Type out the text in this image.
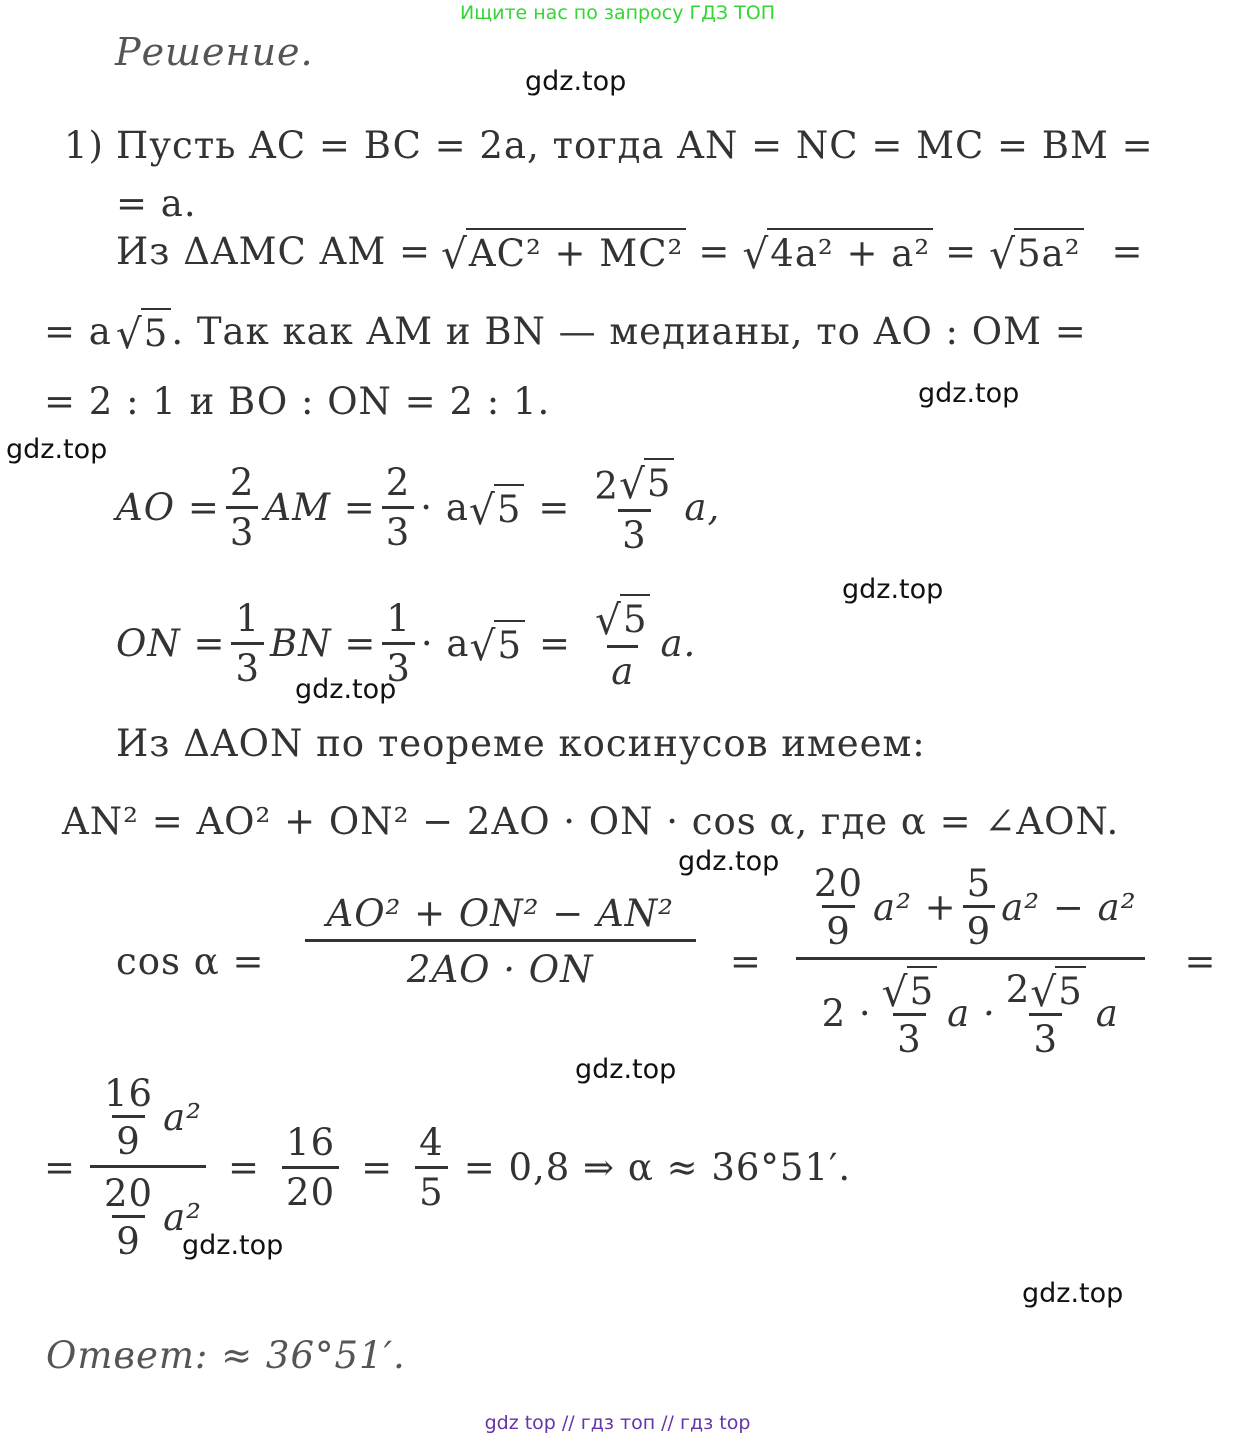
Ищите нас по запросу ГДЗ ТОП
Решение.
gdz.top
gdz.top
gdz.top
gdz.top
gdz.top
gdz.top
gdz.top
gdz.top
gdz.top
1) Пусть AC = BC = 2a, тогда AN = NC = MC = BM =
= a.
Из ΔAMC AM = √ AC² + MC² = √ 4a² + a² = √ 5a² =
= a √ 5 . Так как AM и BN — медианы, то AO : OM =
= 2 : 1 и BO : ON = 2 : 1.
AO = $\frac{2}{3}$ AM = $\frac{2}{3} \cdot a$ √ $5 = \frac{2 √ 5}{3} a$,
ON = $\frac{1}{3}$ BN = $\frac{1}{3} \cdot a$ √ $5 = \frac{√ 5}{a} a$.
Из ΔAON по теореме косинусов имеем:
AN² = AO² + ON² − 2AO · ON · cos α, где α = ∠AON.
$\cos \alpha = \frac{\text{AO² + ON² − AN²}}{2AO \cdot ON} = \frac{\frac{20}{9} a^2 + \frac{5}{9} a^2 - a^2}{2 \cdot \frac{√ 5}{3} a \cdot \frac{2 √ 5}{3} a}$ =
= $\frac{\frac{16}{9} a^2}{\frac{20}{9} a^2} = \frac{16}{20} = \frac{4}{5} = 0,8$ ⇒ α ≈ 36°51′.
Ответ: ≈ 36°51′.
gdz top // гдз топ // гдз top
